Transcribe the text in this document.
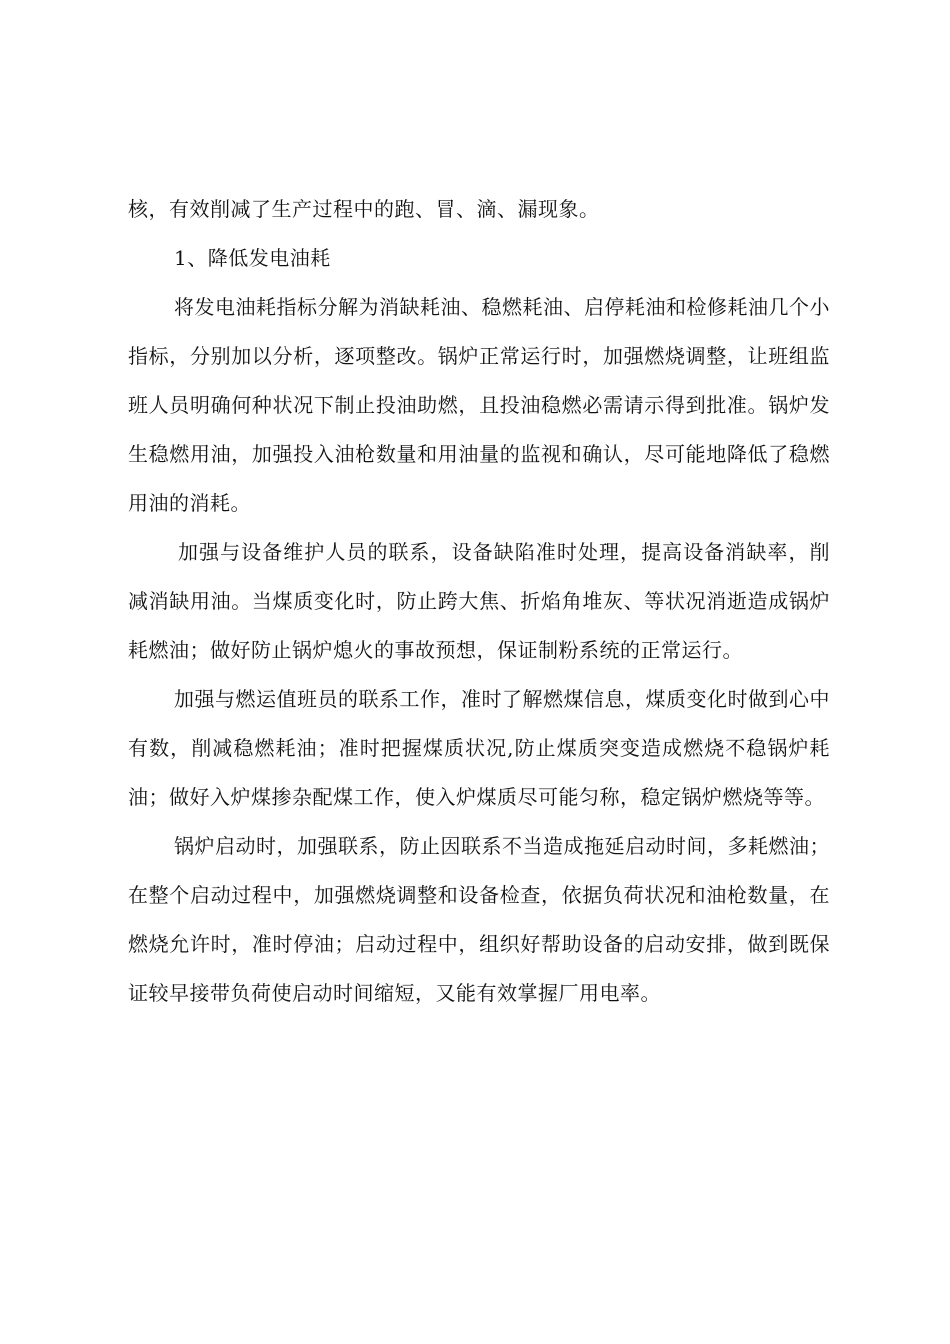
核，有效削减了生产过程中的跑、冒、滴、漏现象。

1、降低发电油耗

将发电油耗指标分解为消缺耗油、稳燃耗油、启停耗油和检修耗油几个小指标，分别加以分析，逐项整改。锅炉正常运行时，加强燃烧调整，让班组监班人员明确何种状况下制止投油助燃，且投油稳燃必需请示得到批准。锅炉发生稳燃用油，加强投入油枪数量和用油量的监视和确认，尽可能地降低了稳燃用油的消耗。

加强与设备维护人员的联系，设备缺陷准时处理，提高设备消缺率，削减消缺用油。当煤质变化时，防止跨大焦、折焰角堆灰、等状况消逝造成锅炉耗燃油；做好防止锅炉熄火的事故预想，保证制粉系统的正常运行。

加强与燃运值班员的联系工作，准时了解燃煤信息，煤质变化时做到心中有数，削减稳燃耗油；准时把握煤质状况,防止煤质突变造成燃烧不稳锅炉耗油；做好入炉煤掺杂配煤工作，使入炉煤质尽可能匀称，稳定锅炉燃烧等等。

锅炉启动时，加强联系，防止因联系不当造成拖延启动时间，多耗燃油；在整个启动过程中，加强燃烧调整和设备检查，依据负荷状况和油枪数量，在燃烧允许时，准时停油；启动过程中，组织好帮助设备的启动安排，做到既保证较早接带负荷使启动时间缩短，又能有效掌握厂用电率。
